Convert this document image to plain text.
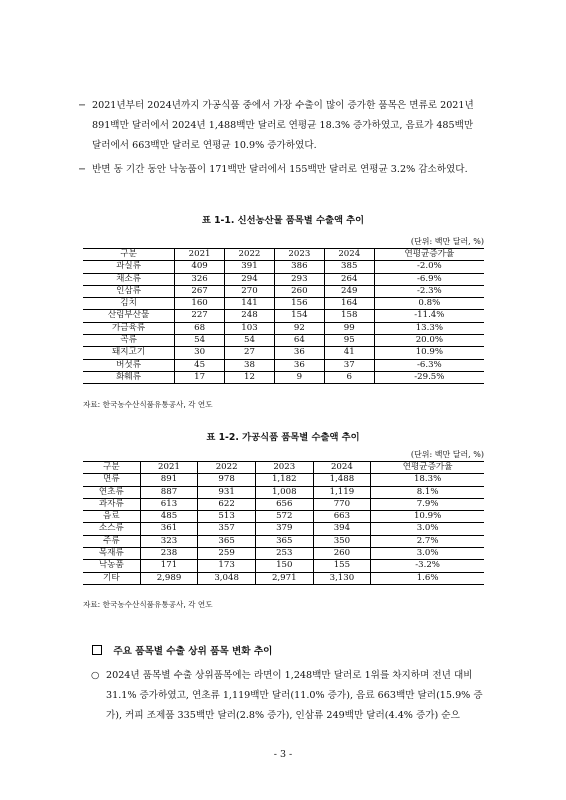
− 2021년부터 2024년까지 가공식품 중에서 가장 수출이 많이 증가한 품목은 면류로 2021년 891백만 달러에서 2024년 1,488백만 달러로 연평균 18.3% 증가하였고, 음료가 485백만 달러에서 663백만 달러로 연평균 10.9% 증가하였다.
− 반면 동 기간 동안 낙농품이 171백만 달러에서 155백만 달러로 연평균 3.2% 감소하였다.
표 1-1. 신선농산물 품목별 수출액 추이
(단위: 백만 달러, %)
구분	2021	2022	2023	2024	연평균증가율
과실류	409	391	386	385	-2.0%
채소류	326	294	293	264	-6.9%
인삼류	267	270	260	249	-2.3%
김치	160	141	156	164	0.8%
산림부산물	227	248	154	158	-11.4%
가금육류	68	103	92	99	13.3%
곡류	54	54	64	95	20.0%
돼지고기	30	27	36	41	10.9%
버섯류	45	38	36	37	-6.3%
화훼류	17	12	9	6	-29.5%
자료: 한국농수산식품유통공사, 각 연도
표 1-2. 가공식품 품목별 수출액 추이
(단위: 백만 달러, %)
구분	2021	2022	2023	2024	연평균증가율
면류	891	978	1,182	1,488	18.3%
연초류	887	931	1,008	1,119	8.1%
과자류	613	622	656	770	7.9%
음료	485	513	572	663	10.9%
소스류	361	357	379	394	3.0%
주류	323	365	365	350	2.7%
목재류	238	259	253	260	3.0%
낙농품	171	173	150	155	-3.2%
기타	2,989	3,048	2,971	3,130	1.6%
자료: 한국농수산식품유통공사, 각 연도
주요 품목별 수출 상위 품목 변화 추이
○ 2024년 품목별 수출 상위품목에는 라면이 1,248백만 달러로 1위를 차지하며 전년 대비 31.1% 증가하였고, 연초류 1,119백만 달러(11.0% 증가), 음료 663백만 달러(15.9% 증가), 커피 조제품 335백만 달러(2.8% 증가), 인삼류 249백만 달러(4.4% 증가) 순으
- 3 -
